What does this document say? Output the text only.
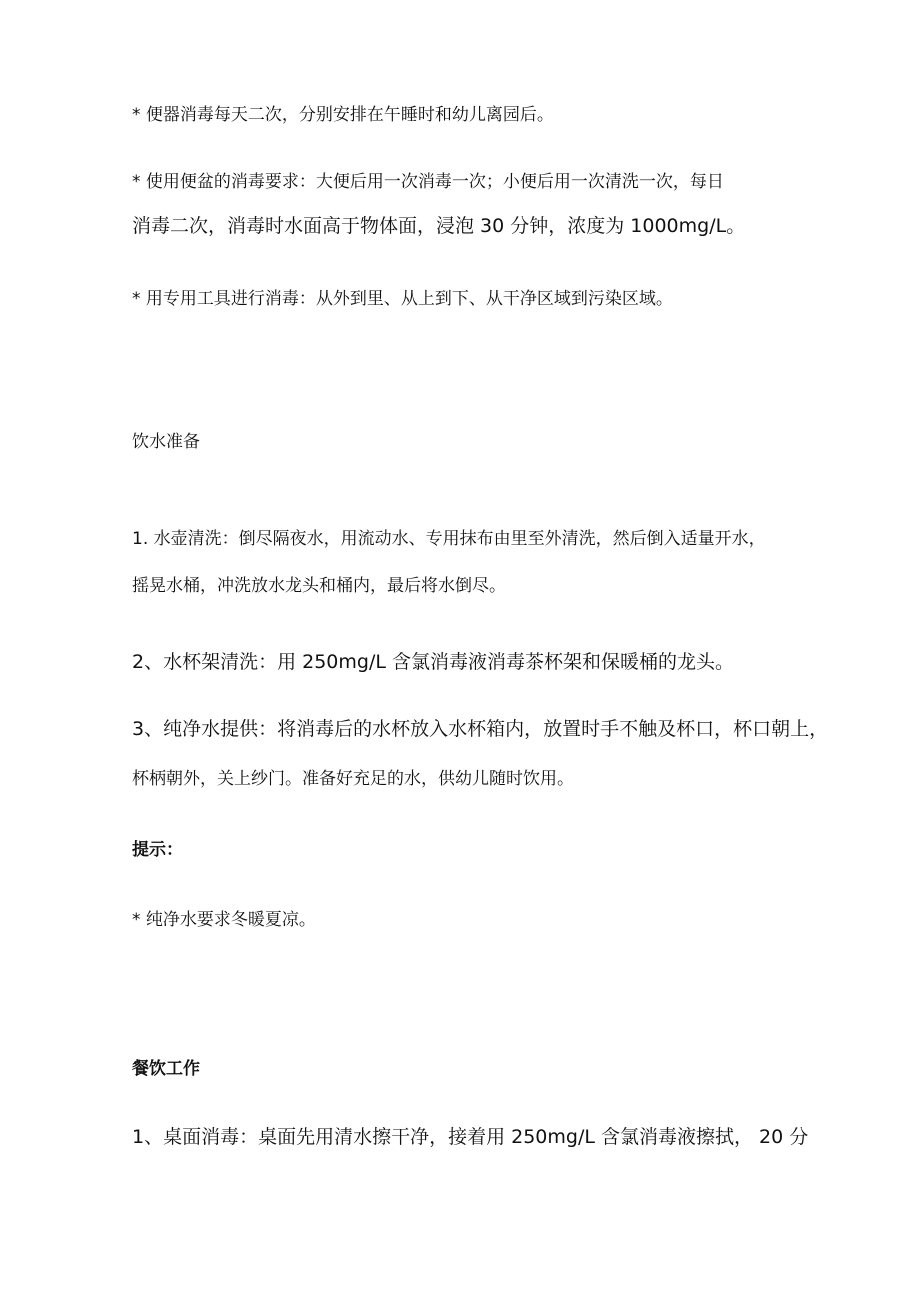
* 便器消毒每天二次，分别安排在午睡时和幼儿离园后。
* 使用便盆的消毒要求：大便后用一次消毒一次；小便后用一次清洗一次，每日
消毒二次，消毒时水面高于物体面，浸泡 30 分钟，浓度为 1000mg/L。
* 用专用工具进行消毒：从外到里、从上到下、从干净区域到污染区域。
饮水准备
1. 水壶清洗：倒尽隔夜水，用流动水、专用抹布由里至外清洗，然后倒入适量开水，
摇晃水桶，冲洗放水龙头和桶内，最后将水倒尽。
2、水杯架清洗：用 250mg/L 含氯消毒液消毒茶杯架和保暖桶的龙头。
3、纯净水提供：将消毒后的水杯放入水杯箱内，放置时手不触及杯口，杯口朝上，
杯柄朝外，关上纱门。准备好充足的水，供幼儿随时饮用。
提示：
* 纯净水要求冬暖夏凉。
餐饮工作
1、桌面消毒：桌面先用清水擦干净，接着用 250mg/L 含氯消毒液擦拭， 20 分
